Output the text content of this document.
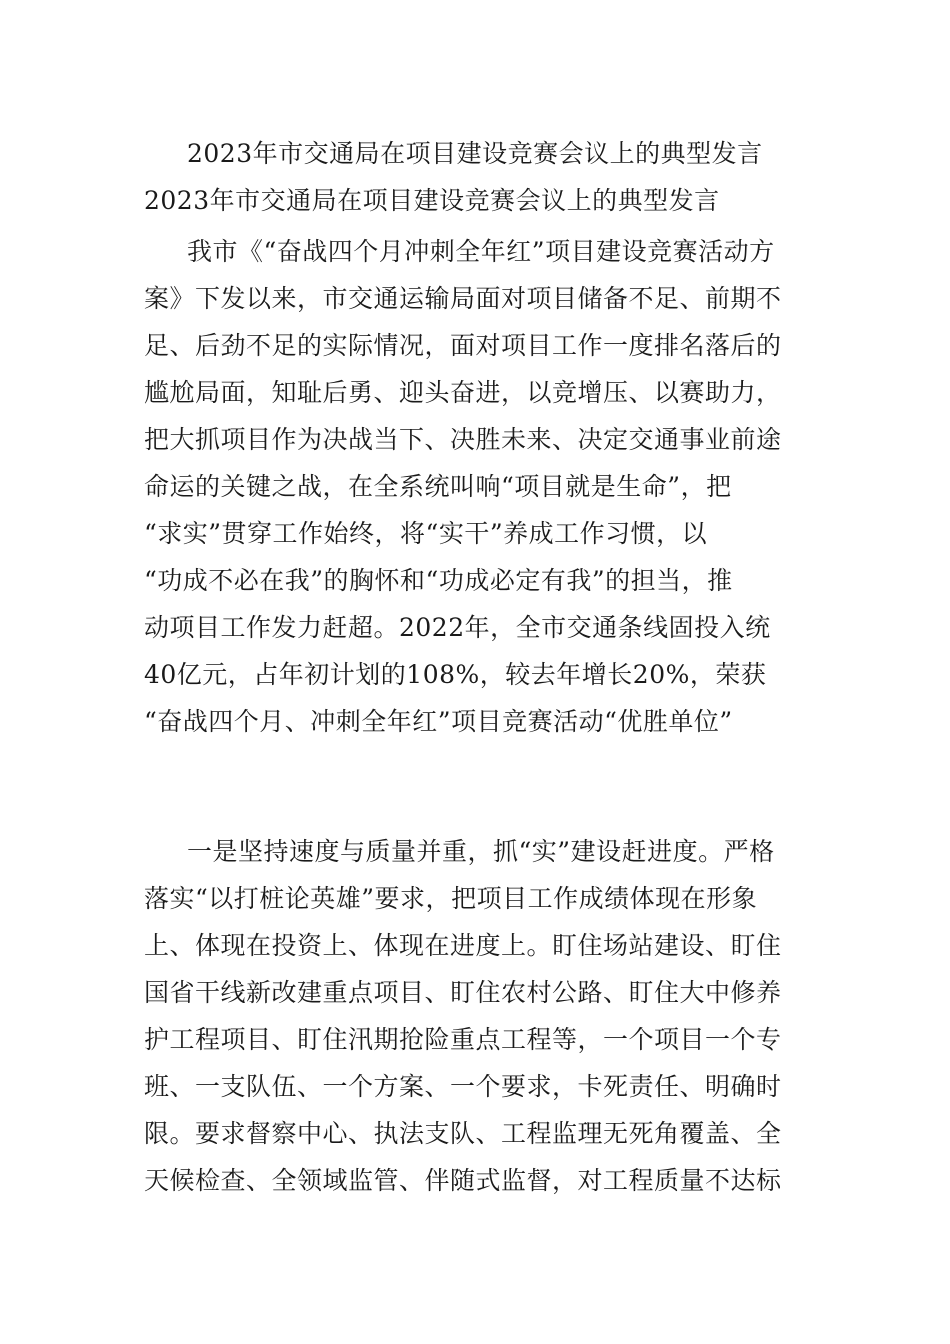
2023年市交通局在项目建设竞赛会议上的典型发言
2023年市交通局在项目建设竞赛会议上的典型发言
我市《“奋战四个月冲刺全年红”项目建设竞赛活动方
案》下发以来，市交通运输局面对项目储备不足、前期不
足、后劲不足的实际情况，面对项目工作一度排名落后的
尴尬局面，知耻后勇、迎头奋进，以竞增压、以赛助力，
把大抓项目作为决战当下、决胜未来、决定交通事业前途
命运的关键之战，在全系统叫响“项目就是生命”，把
“求实”贯穿工作始终，将“实干”养成工作习惯，以
“功成不必在我”的胸怀和“功成必定有我”的担当，推
动项目工作发力赶超。2022年，全市交通条线固投入统
40亿元，占年初计划的108%，较去年增长20%，荣获
“奋战四个月、冲刺全年红”项目竞赛活动“优胜单位”
一是坚持速度与质量并重，抓“实”建设赶进度。严格
落实“以打桩论英雄”要求，把项目工作成绩体现在形象
上、体现在投资上、体现在进度上。盯住场站建设、盯住
国省干线新改建重点项目、盯住农村公路、盯住大中修养
护工程项目、盯住汛期抢险重点工程等，一个项目一个专
班、一支队伍、一个方案、一个要求，卡死责任、明确时
限。要求督察中心、执法支队、工程监理无死角覆盖、全
天候检查、全领域监管、伴随式监督，对工程质量不达标
